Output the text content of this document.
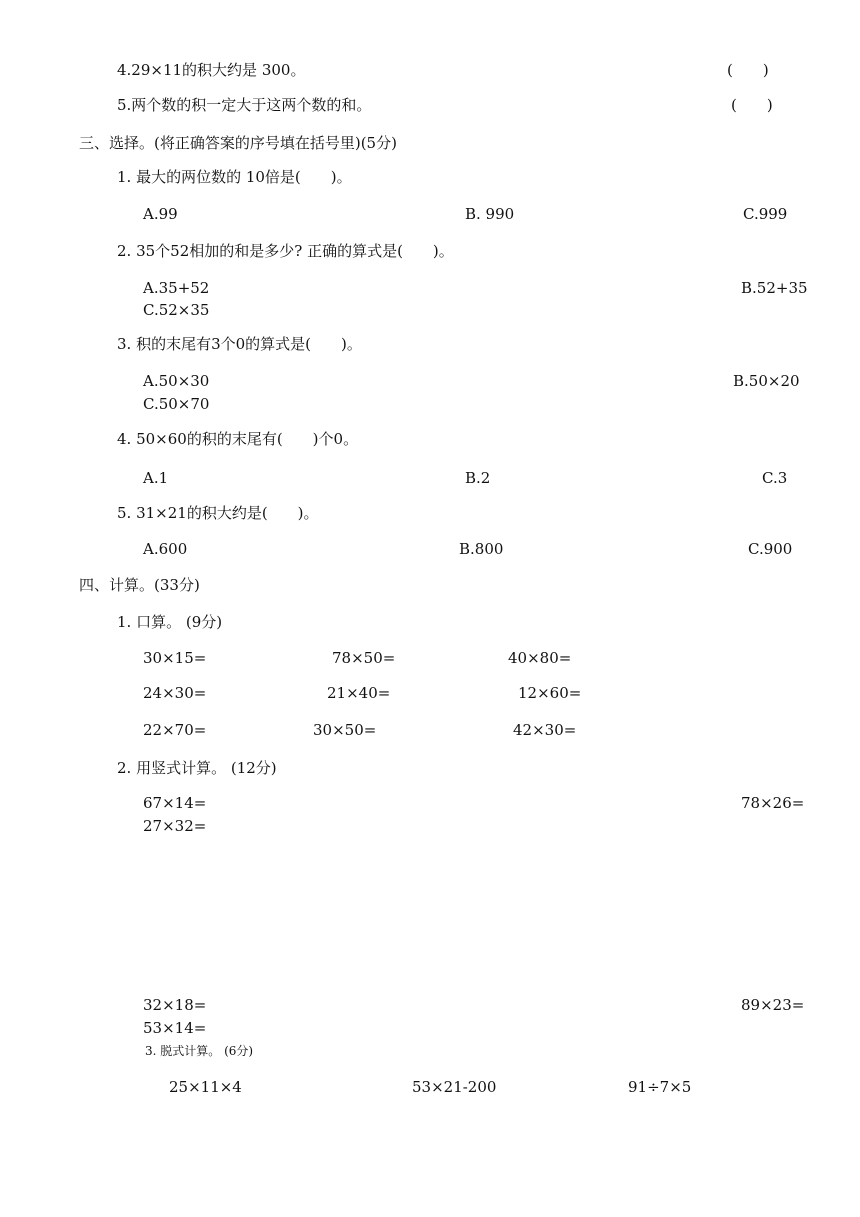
4.29×11的积大约是 300。	(　　)
5.两个数的积一定大于这两个数的和。	(　　)
三、选择。(将正确答案的序号填在括号里)(5分)
1. 最大的两位数的 10倍是(　　)。
A.99	B. 990	C.999
2. 35个52相加的和是多少? 正确的算式是(　　)。
A.35+52	B.52+35
C.52×35
3. 积的末尾有3个0的算式是(　　)。
A.50×30	B.50×20
C.50×70
4. 50×60的积的末尾有(　　)个0。
A.1	B.2	C.3
5. 31×21的积大约是(　　)。
A.600	B.800	C.900
四、计算。(33分)
1. 口算。 (9分)
30×15=	78×50=	40×80=
24×30=	21×40=	12×60=
22×70=	30×50=	42×30=
2. 用竖式计算。 (12分)
67×14=	78×26=
27×32=
32×18=	89×23=
53×14=
3. 脱式计算。 (6分)
25×11×4	53×21-200	91÷7×5
